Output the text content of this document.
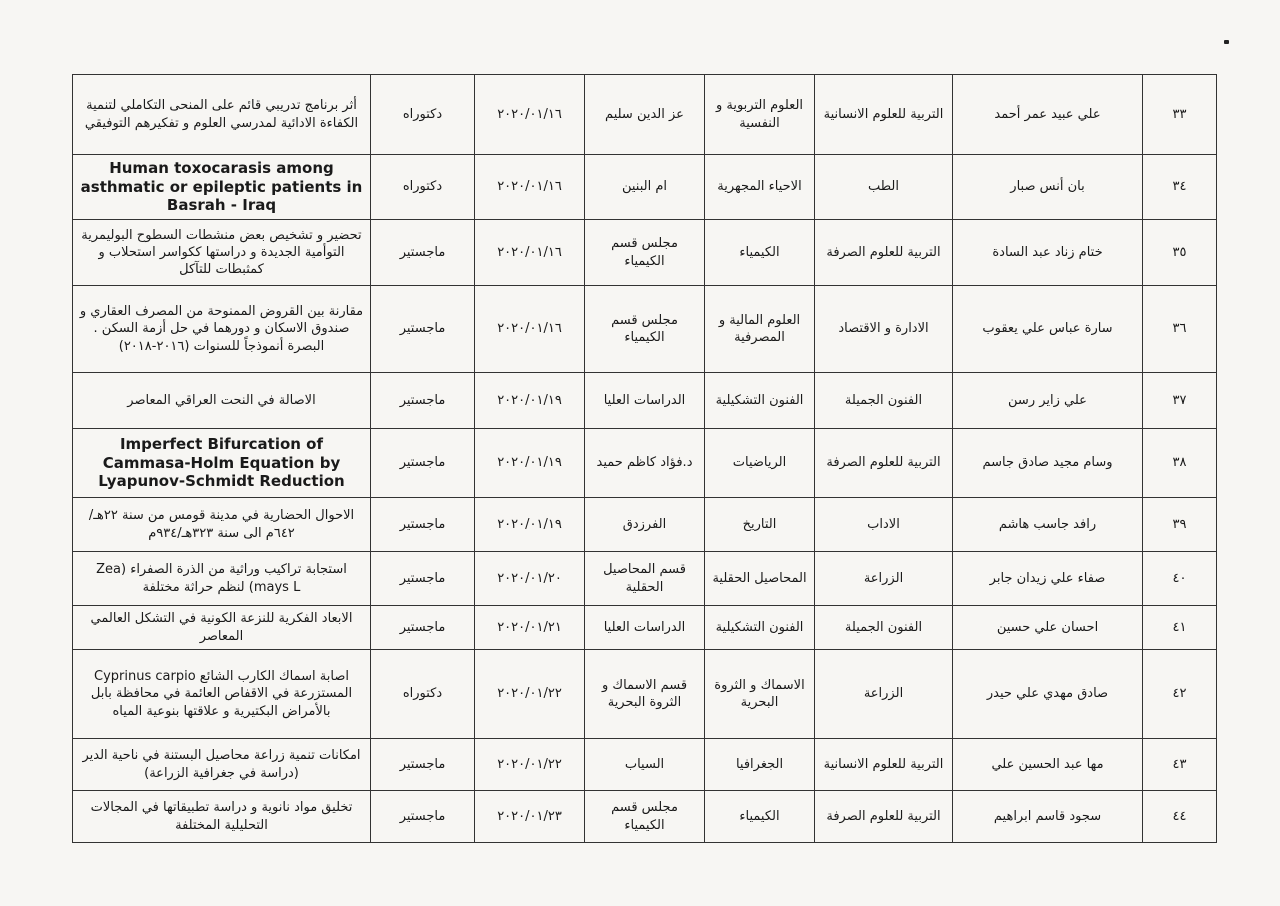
٣٣	علي عبيد عمر أحمد	التربية للعلوم الانسانية	العلوم التربوية و النفسية	عز الدين سليم	٢٠٢٠/٠١/١٦	دكتوراه	أثر برنامج تدريبي قائم على المنحى التكاملي لتنمية الكفاءة الادائية لمدرسي العلوم و تفكيرهم التوفيقي
٣٤	بان أنس صبار	الطب	الاحياء المجهرية	ام البنين	٢٠٢٠/٠١/١٦	دكتوراه	Human toxocarasis among asthmatic or epileptic patients in Basrah - Iraq
٣٥	ختام زناد عبد السادة	التربية للعلوم الصرفة	الكيمياء	مجلس قسم الكيمياء	٢٠٢٠/٠١/١٦	ماجستير	تحضير و تشخيص بعض منشطات السطوح البوليمرية التوأمية الجديدة و دراستها ككواسر استحلاب و كمثبطات للتآكل
٣٦	سارة عباس علي يعقوب	الادارة و الاقتصاد	العلوم المالية و المصرفية	مجلس قسم الكيمياء	٢٠٢٠/٠١/١٦	ماجستير	مقارنة بين القروض الممنوحة من المصرف العقاري و صندوق الاسكان و دورهما في حل أزمة السكن . البصرة أنموذجاً للسنوات (٢٠١٦-٢٠١٨)
٣٧	علي زاير رسن	الفنون الجميلة	الفنون التشكيلية	الدراسات العليا	٢٠٢٠/٠١/١٩	ماجستير	الاصالة في النحت العراقي المعاصر
٣٨	وسام مجيد صادق جاسم	التربية للعلوم الصرفة	الرياضيات	د.فؤاد كاظم حميد	٢٠٢٠/٠١/١٩	ماجستير	Imperfect Bifurcation of Cammasa-Holm Equation by Lyapunov-Schmidt Reduction
٣٩	رافد جاسب هاشم	الاداب	التاريخ	الفرزدق	٢٠٢٠/٠١/١٩	ماجستير	الاحوال الحضارية في مدينة قومس من سنة ٢٢هـ/٦٤٢م الى سنة ٣٢٣هـ/٩٣٤م
٤٠	صفاء علي زيدان جابر	الزراعة	المحاصيل الحقلية	قسم المحاصيل الحقلية	٢٠٢٠/٠١/٢٠	ماجستير	استجابة تراكيب وراثية من الذرة الصفراء (Zea mays L) لنظم حراثة مختلفة
٤١	احسان علي حسين	الفنون الجميلة	الفنون التشكيلية	الدراسات العليا	٢٠٢٠/٠١/٢١	ماجستير	الابعاد الفكرية للنزعة الكونية في التشكل العالمي المعاصر
٤٢	صادق مهدي علي حيدر	الزراعة	الاسماك و الثروة البحرية	قسم الاسماك و الثروة البحرية	٢٠٢٠/٠١/٢٢	دكتوراه	اصابة اسماك الكارب الشائع Cyprinus carpio المستزرعة في الاقفاص العائمة في محافظة بابل بالأمراض البكتيرية و علاقتها بنوعية المياه
٤٣	مها عبد الحسين علي	التربية للعلوم الانسانية	الجغرافيا	السياب	٢٠٢٠/٠١/٢٢	ماجستير	امكانات تنمية زراعة محاصيل البستنة في ناحية الدير (دراسة في جغرافية الزراعة)
٤٤	سجود قاسم ابراهيم	التربية للعلوم الصرفة	الكيمياء	مجلس قسم الكيمياء	٢٠٢٠/٠١/٢٣	ماجستير	تخليق مواد نانوية و دراسة تطبيقاتها في المجالات التحليلية المختلفة
